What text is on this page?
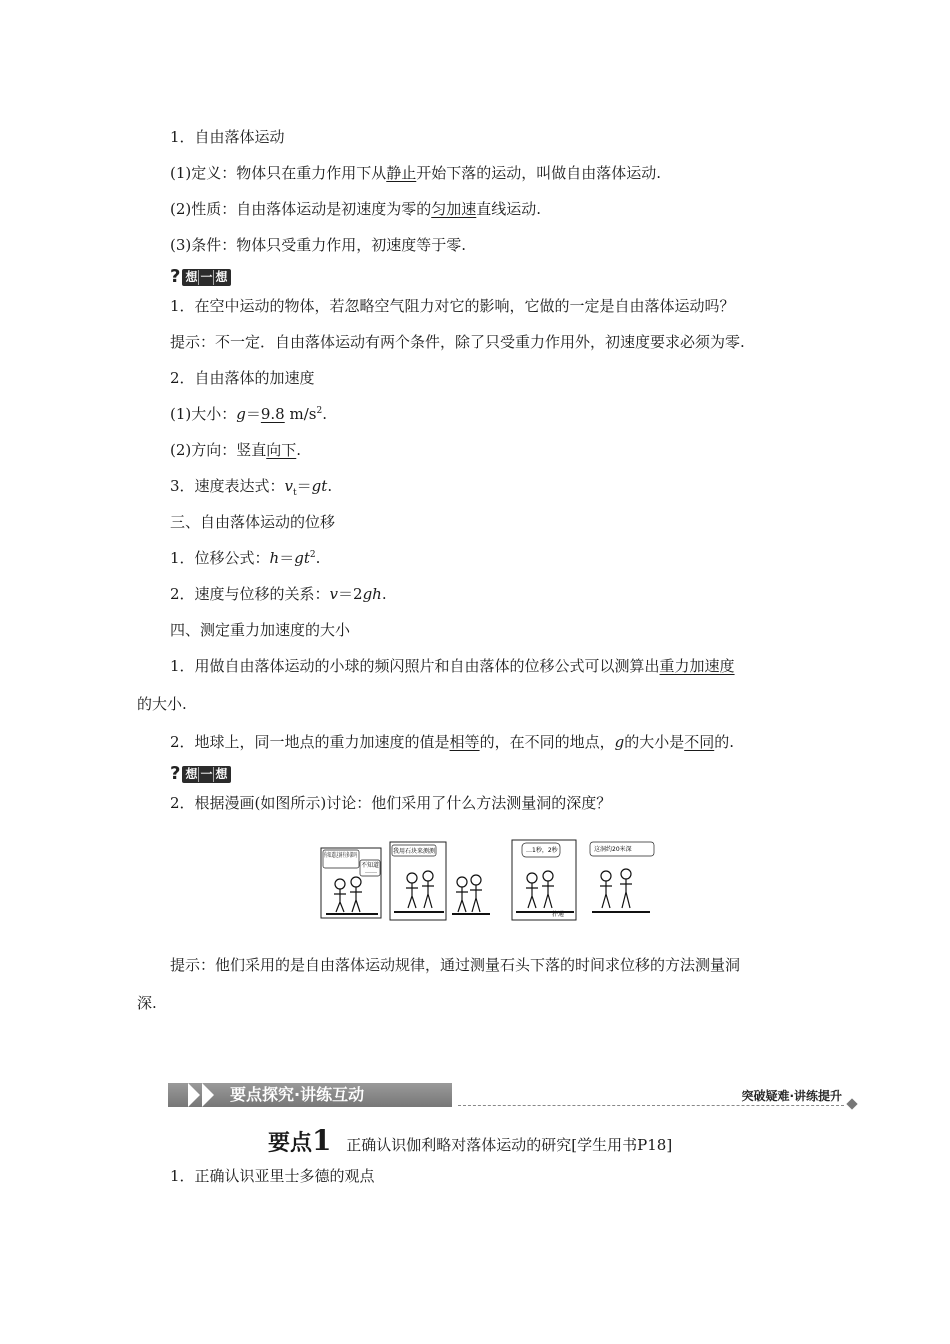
1．自由落体运动
(1)定义：物体只在重力作用下从静止开始下落的运动，叫做自由落体运动.
(2)性质：自由落体运动是初速度为零的匀加速直线运动.
(3)条件：物体只受重力作用，初速度等于零.
? 想 一 想
1．在空中运动的物体，若忽略空气阻力对它的影响，它做的一定是自由落体运动吗？
提示：不一定．自由落体运动有两个条件，除了只受重力作用外，初速度要求必须为零.
2．自由落体的加速度
(1)大小：g＝9.8 $m/s^2$.
(2)方向：竖直向下.
3．速度表达式：$v_t=gt$.
三、自由落体运动的位移
1．位移公式：$h=gt^2$.
2．速度与位移的关系：v＝2gh.
四、测定重力加速度的大小
1．用做自由落体运动的小球的频闪照片和自由落体的位移公式可以测算出重力加速度
的大小.
2．地球上，同一地点的重力加速度的值是相等的，在不同的地点，g的大小是不同的.
? 想 一 想
2．根据漫画(如图所示)讨论：他们采用了什么方法测量洞的深度？
你知道这洞有多深吗
不知道
……
我用石块来测测	…1秒，2秒
扑通
这洞约20米深
提示：他们采用的是自由落体运动规律，通过测量石头下落的时间求位移的方法测量洞
深.
要点探究·讲练互动	突破疑难·讲练提升
要点1 正确认识伽利略对落体运动的研究[学生用书P18]
1．正确认识亚里士多德的观点
